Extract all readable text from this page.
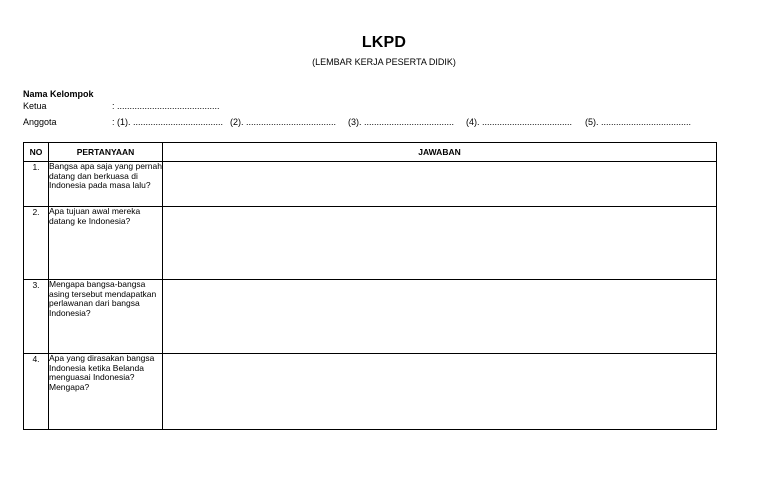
LKPD
(LEMBAR KERJA PESERTA DIDIK)
Nama Kelompok
Ketua	: .........................................
Anggota	: (1). .................................... (2). .................................... (3). .................................... (4). .................................... (5). ....................................
NO	PERTANYAAN	JAWABAN
1.	Bangsa apa saja yang pernah datang dan berkuasa di Indonesia pada masa lalu?	
2.	Apa tujuan awal mereka datang ke Indonesia?	
3.	Mengapa bangsa-bangsa asing tersebut mendapatkan perlawanan dari bangsa Indonesia?	
4.	Apa yang dirasakan bangsa Indonesia ketika Belanda menguasai Indonesia? Mengapa?	
